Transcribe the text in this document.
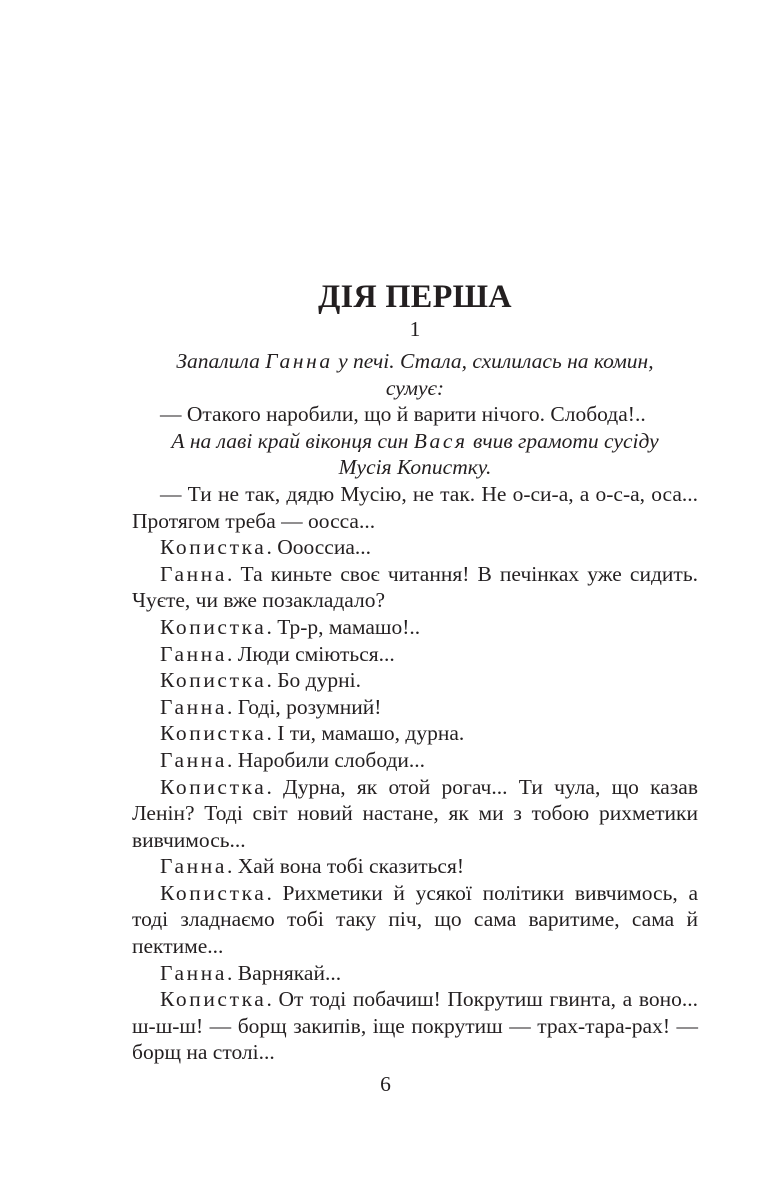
ДІЯ ПЕРША
1

Запалила Ганна у печі. Стала, схилилась на комин,
сумує:

— Отакого наробили, що й варити нічого. Слобода!..

А на лаві край віконця син Вася вчив грамоти сусіду
Мусія Копистку.

— Ти не так, дядю Мусію, не так. Не о-си-а, а о-с-а, оса... Протягом треба — оосса...

Копистка. Оооссиа...

Ганна. Та киньте своє читання! В печінках уже сидить. Чуєте, чи вже позакладало?

Копистка. Тр-р, мамашо!..

Ганна. Люди сміються...

Копистка. Бо дурні.

Ганна. Годі, розумний!

Копистка. І ти, мамашо, дурна.

Ганна. Наробили слободи...

Копистка. Дурна, як отой рогач... Ти чула, що казав Ленін? Тоді світ новий настане, як ми з тобою рихметики вивчимось...

Ганна. Хай вона тобі сказиться!

Копистка. Рихметики й усякої політики вивчимось, а тоді зладнаємо тобі таку піч, що сама варитиме, сама й пектиме...

Ганна. Варнякай...

Копистка. От тоді побачиш! Покрутиш гвинта, а воно... ш-ш-ш! — борщ закипів, іще покрутиш — трах-тара-рах! — борщ на столі...

6
